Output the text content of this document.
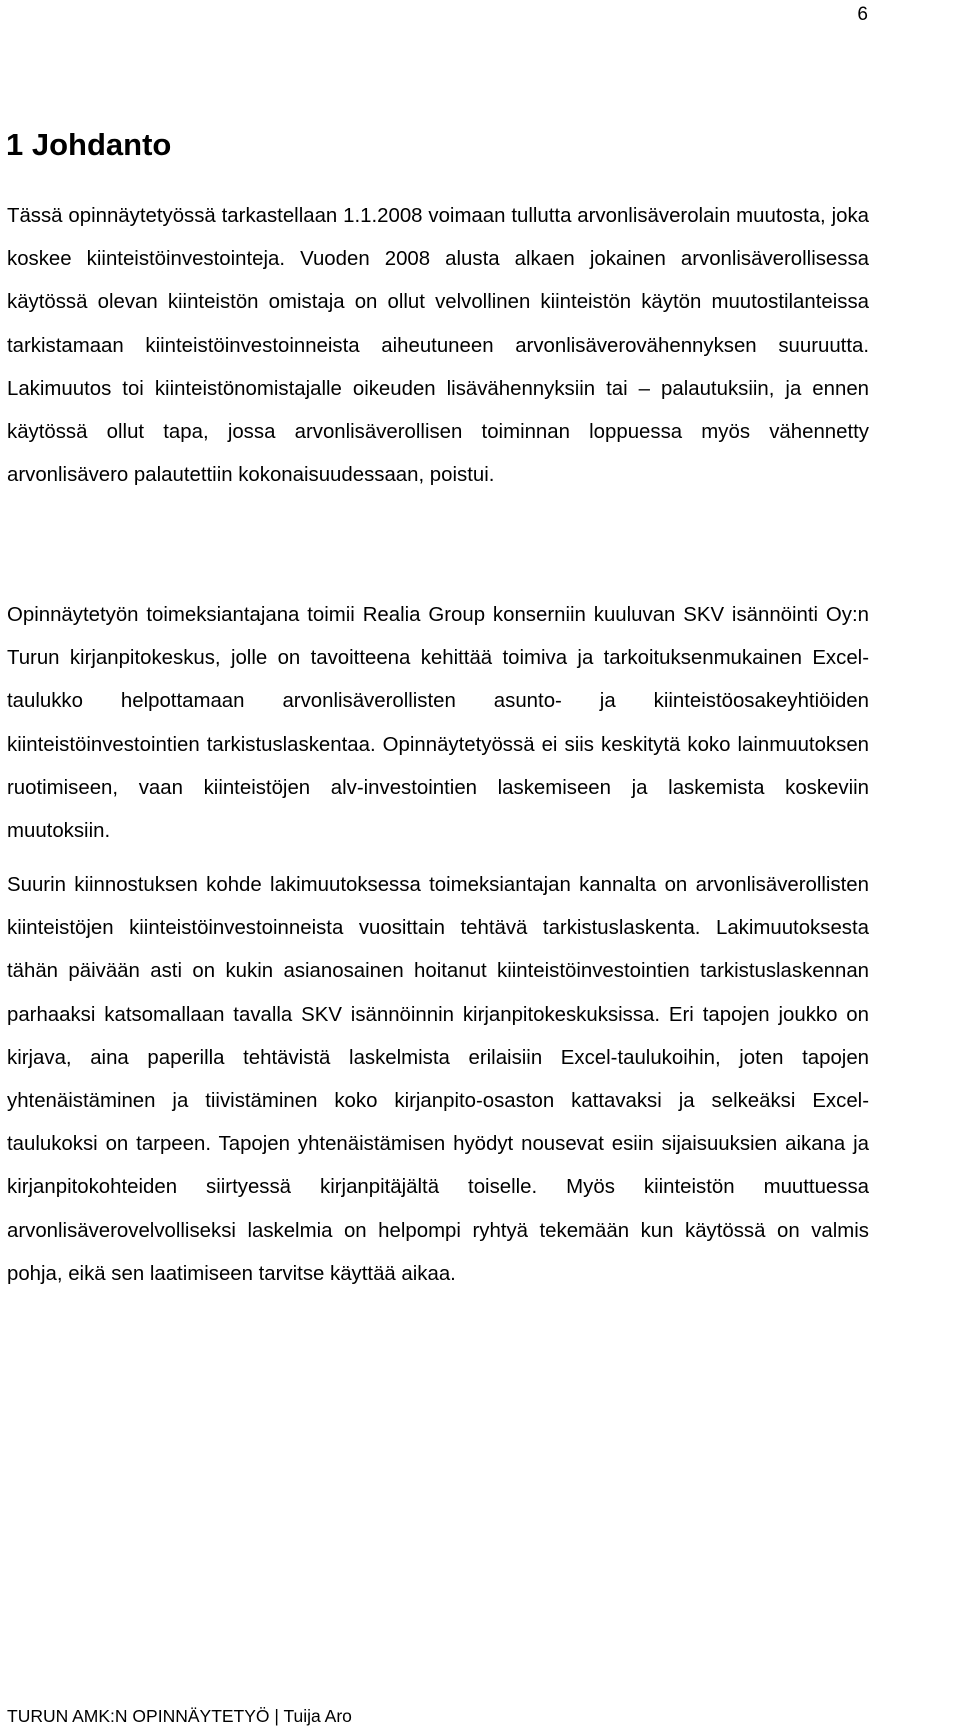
6
1 Johdanto

Tässä opinnäytetyössä tarkastellaan 1.1.2008 voimaan tullutta arvonlisäverolain muutosta, joka koskee kiinteistöinvestointeja. Vuoden 2008 alusta alkaen jokainen arvonlisäverollisessa käytössä olevan kiinteistön omistaja on ollut velvollinen kiinteistön käytön muutostilanteissa tarkistamaan kiinteistöinvestoinneista aiheutuneen arvonlisäverovähennyksen suuruutta. Lakimuutos toi kiinteistönomistajalle oikeuden lisävähennyksiin tai – palautuksiin, ja ennen käytössä ollut tapa, jossa arvonlisäverollisen toiminnan loppuessa myös vähennetty arvonlisävero palautettiin kokonaisuudessaan, poistui.

Opinnäytetyön toimeksiantajana toimii Realia Group konserniin kuuluvan SKV isännöinti Oy:n Turun kirjanpitokeskus, jolle on tavoitteena kehittää toimiva ja tarkoituksenmukainen Excel-taulukko helpottamaan arvonlisäverollisten asunto- ja kiinteistöosakeyhtiöiden kiinteistöinvestointien tarkistuslaskentaa. Opinnäytetyössä ei siis keskitytä koko lainmuutoksen ruotimiseen, vaan kiinteistöjen alv-investointien laskemiseen ja laskemista koskeviin muutoksiin.

Suurin kiinnostuksen kohde lakimuutoksessa toimeksiantajan kannalta on arvonlisäverollisten kiinteistöjen kiinteistöinvestoinneista vuosittain tehtävä tarkistuslaskenta. Lakimuutoksesta tähän päivään asti on kukin asianosainen hoitanut kiinteistöinvestointien tarkistuslaskennan parhaaksi katsomallaan tavalla SKV isännöinnin kirjanpitokeskuksissa. Eri tapojen joukko on kirjava, aina paperilla tehtävistä laskelmista erilaisiin Excel-taulukoihin, joten tapojen yhtenäistäminen ja tiivistäminen koko kirjanpito-osaston kattavaksi ja selkeäksi Excel-taulukoksi on tarpeen. Tapojen yhtenäistämisen hyödyt nousevat esiin sijaisuuksien aikana ja kirjanpitokohteiden siirtyessä kirjanpitäjältä toiselle. Myös kiinteistön muuttuessa arvonlisäverovelvolliseksi laskelmia on helpompi ryhtyä tekemään kun käytössä on valmis pohja, eikä sen laatimiseen tarvitse käyttää aikaa.

TURUN AMK:N OPINNÄYTETYÖ | Tuija Aro
